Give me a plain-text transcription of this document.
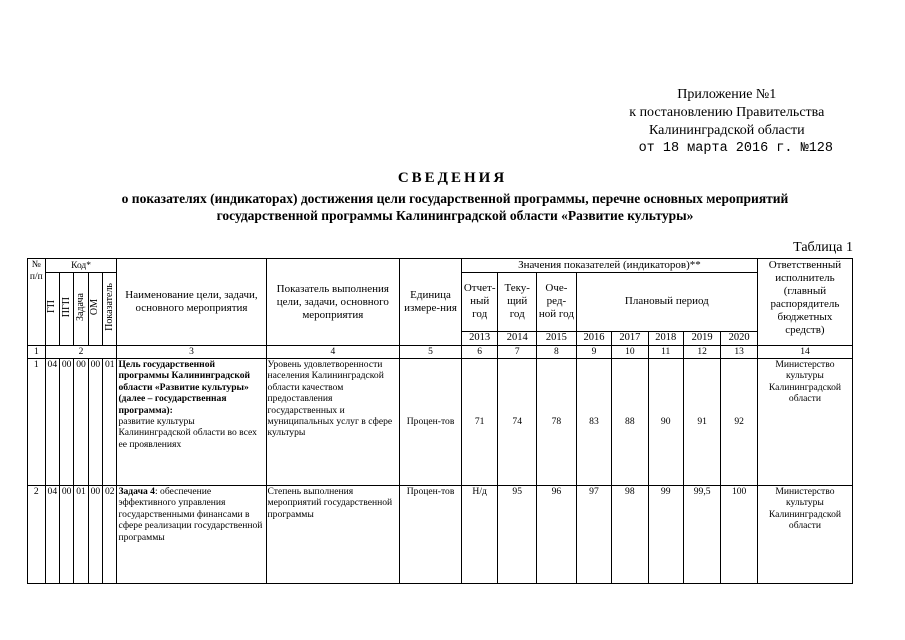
Приложение №1
к постановлению Правительства
Калининградской области
от 18 марта 2016 г. №128
СВЕДЕНИЯ
о показателях (индикаторах) достижения цели государственной программы, перечне основных мероприятий
государственной программы Калининградской области «Развитие культуры»
Таблица 1
№ п/п	Код*					Наименование цели, задачи, основного мероприятия	Показатель выполнения цели, задачи, основного мероприятия	Единица измере-ния	Значения показателей (индикаторов)**								Ответственный исполнитель (главный распорядитель бюджетных средств)
	ГП	ПГП	Задача	ОМ	Показатель				Отчет-ный год	Теку-щий год	Оче-ред-ной год	Плановый период					
									2013	2014	2015	2016	2017	2018	2019	2020	
1	2					3	4	5	6	7	8	9	10	11	12	13	14
1	04	00	00	00	01	Цель государственной программы Калининградской области «Развитие культуры» (далее – государственная программа):
развитие культуры Калининградской области во всех ее проявлениях	Уровень удовлетворенности населения Калининградской области качеством предоставления государственных и муниципальных услуг в сфере культуры	Процен-тов	71	74	78	83	88	90	91	92	Министерство культуры Калининградской области
2	04	00	01	00	02	Задача 4: обеспечение эффективного управления государственными финансами в сфере реализации государственной программы	Степень выполнения мероприятий государственной программы	Процен-тов	Н/д	95	96	97	98	99	99,5	100	Министерство культуры Калининградской области
